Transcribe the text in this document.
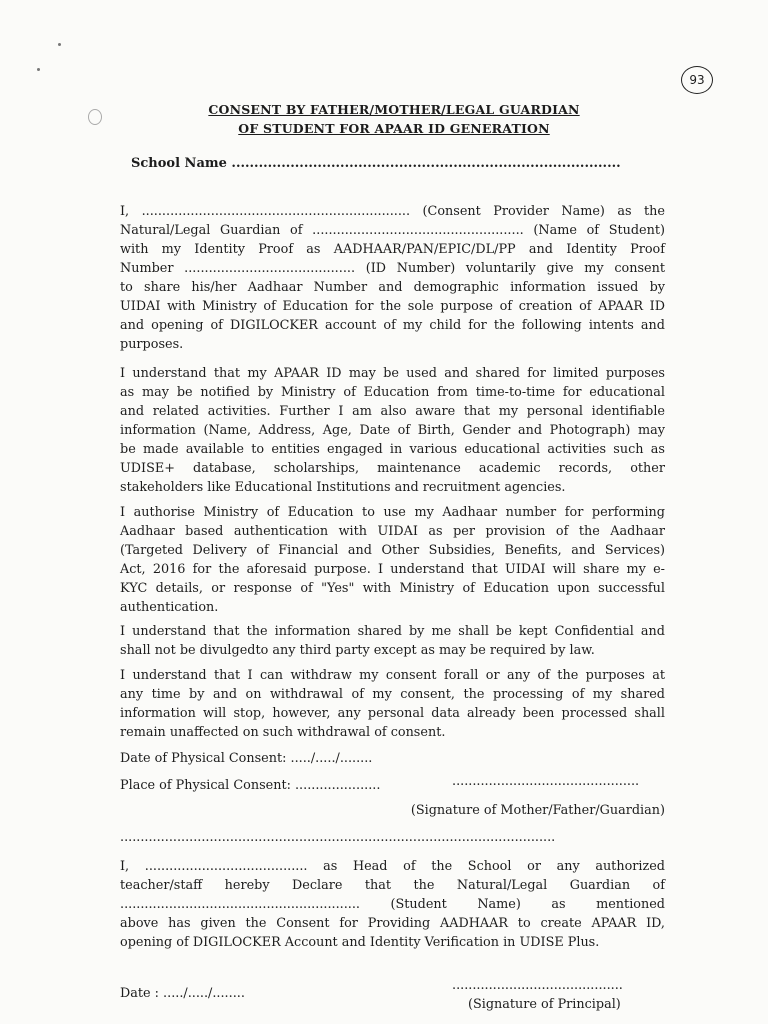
93
CONSENT BY FATHER/MOTHER/LEGAL GUARDIAN
OF STUDENT FOR APAAR ID GENERATION
School Name ......................................................................................
I, .................................................................. (Consent Provider Name) as the
Natural/Legal Guardian of .................................................... (Name of Student)
with my Identity Proof as AADHAAR/PAN/EPIC/DL/PP and Identity Proof
Number .......................................... (ID Number) voluntarily give my consent
to share his/her Aadhaar Number and demographic information issued by
UIDAI with Ministry of Education for the sole purpose of creation of APAAR ID
and opening of DIGILOCKER account of my child for the following intents and
purposes.
I understand that my APAAR ID may be used and shared for limited purposes
as may be notified by Ministry of Education from time-to-time for educational
and related activities. Further I am also aware that my personal identifiable
information (Name, Address, Age, Date of Birth, Gender and Photograph) may
be made available to entities engaged in various educational activities such as
UDISE+ database, scholarships, maintenance academic records, other
stakeholders like Educational Institutions and recruitment agencies.
I authorise Ministry of Education to use my Aadhaar number for performing
Aadhaar based authentication with UIDAI as per provision of the Aadhaar
(Targeted Delivery of Financial and Other Subsidies, Benefits, and Services)
Act, 2016 for the aforesaid purpose. I understand that UIDAI will share my e-
KYC details, or response of "Yes" with Ministry of Education upon successful
authentication.
I understand that the information shared by me shall be kept Confidential and
shall not be divulgedto any third party except as may be required by law.
I understand that I can withdraw my consent forall or any of the purposes at
any time by and on withdrawal of my consent, the processing of my shared
information will stop, however, any personal data already been processed shall
remain unaffected on such withdrawal of consent.
Date of Physical Consent: ...../...../........
Place of Physical Consent: .....................	..............................................
(Signature of Mother/Father/Guardian)
...........................................................................................................
I, ........................................ as Head of the School or any authorized
teacher/staff hereby Declare that the Natural/Legal Guardian of
........................................................... (Student Name) as mentioned
above has given the Consent for Providing AADHAAR to create APAAR ID,
opening of DIGILOCKER Account and Identity Verification in UDISE Plus.
Date : ...../...../........
..........................................
(Signature of Principal)
